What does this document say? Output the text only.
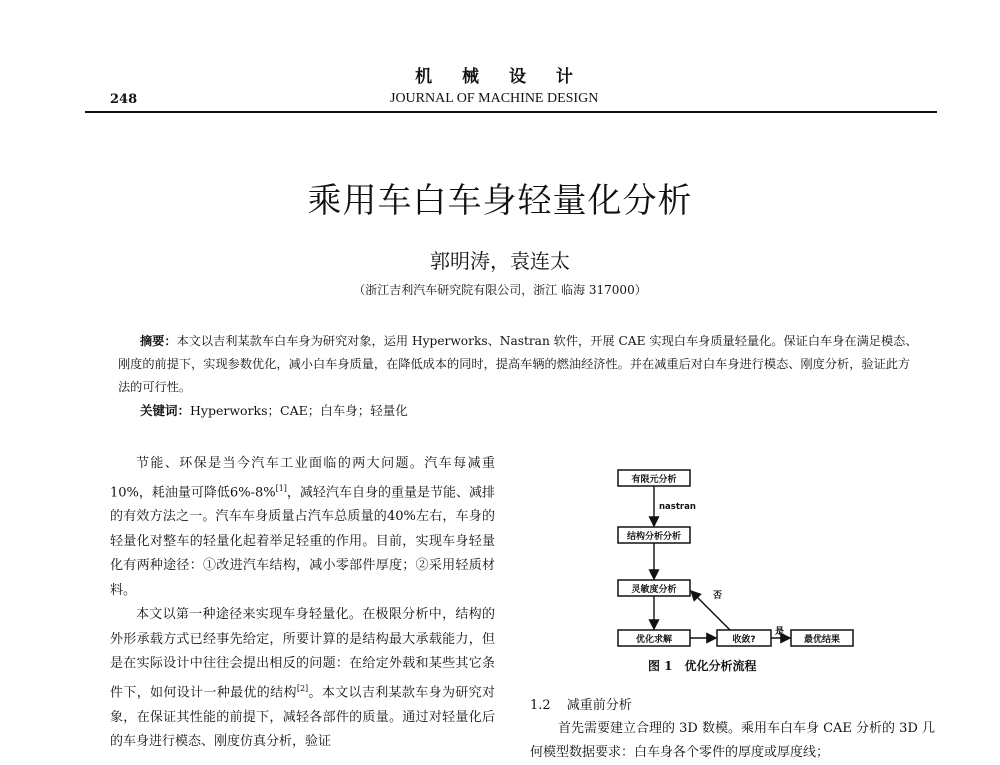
机 械 设 计
248	JOURNAL OF MACHINE DESIGN
乘用车白车身轻量化分析
郭明涛，袁连太
（浙江吉利汽车研究院有限公司，浙江 临海 317000）
摘要：本文以吉利某款车白车身为研究对象，运用 Hyperworks、Nastran 软件，开展 CAE 实现白车身质量轻量化。保证白车身在满足模态、刚度的前提下，实现参数优化，减小白车身质量，在降低成本的同时，提高车辆的燃油经济性。并在减重后对白车身进行模态、刚度分析，验证此方法的可行性。
关键词：Hyperworks；CAE；白车身；轻量化

节能、环保是当今汽车工业面临的两大问题。汽车每减重10%，耗油量可降低6%-8%[1]，减轻汽车自身的重量是节能、减排的有效方法之一。汽车车身质量占汽车总质量的40%左右，车身的轻量化对整车的轻量化起着举足轻重的作用。目前，实现车身轻量化有两种途径：①改进汽车结构，减小零部件厚度；②采用轻质材料。

本文以第一种途径来实现车身轻量化。在极限分析中，结构的外形承载方式已经事先给定，所要计算的是结构最大承载能力，但是在实际设计中往往会提出相反的问题：在给定外载和某些其它条件下，如何设计一种最优的结构[2]。本文以吉利某款车身为研究对象，在保证其性能的前提下，减轻各部件的质量。通过对轻量化后的车身进行模态、刚度仿真分析，验证

有限元分析
结构分析分析
灵敏度分析
优化求解	收敛?	最优结果
nastran
否
是
图 1　优化分析流程
1.2 减重前分析
首先需要建立合理的 3D 数模。乘用车白车身 CAE 分析的 3D 几何模型数据要求：白车身各个零件的厚度或厚度线；
